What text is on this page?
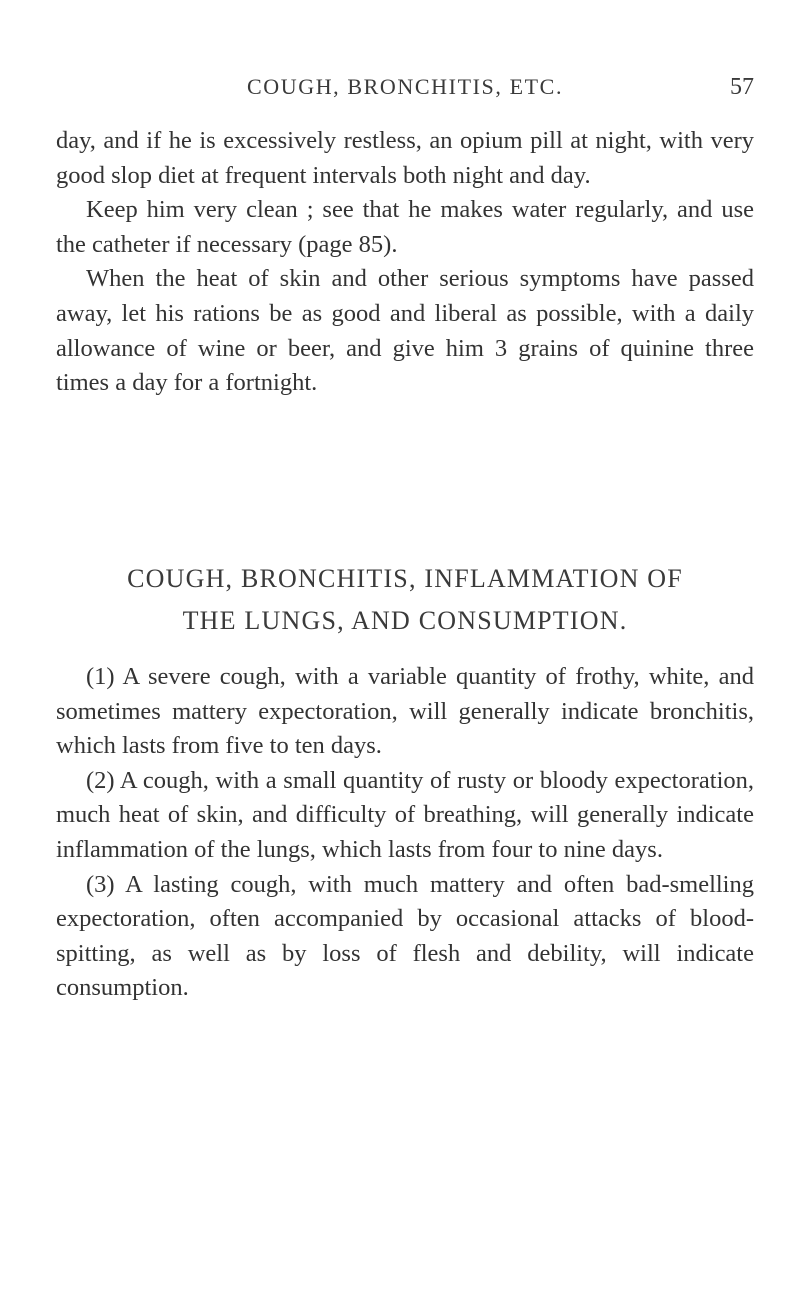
COUGH, BRONCHITIS, ETC.	57

day, and if he is excessively restless, an opium pill at night, with very good slop diet at frequent intervals both night and day.

Keep him very clean ; see that he makes water regularly, and use the catheter if necessary (page 85).

When the heat of skin and other serious symptoms have passed away, let his rations be as good and liberal as possible, with a daily allowance of wine or beer, and give him 3 grains of quinine three times a day for a fortnight.

COUGH, BRONCHITIS, INFLAMMATION OF
THE LUNGS, AND CONSUMPTION.

(1) A severe cough, with a variable quantity of frothy, white, and sometimes mattery expectoration, will generally indicate bronchitis, which lasts from five to ten days.

(2) A cough, with a small quantity of rusty or bloody expectoration, much heat of skin, and difficulty of breathing, will generally indicate inflammation of the lungs, which lasts from four to nine days.

(3) A lasting cough, with much mattery and often bad-smelling expectoration, often accompanied by occasional attacks of blood-spitting, as well as by loss of flesh and debility, will indicate consumption.
